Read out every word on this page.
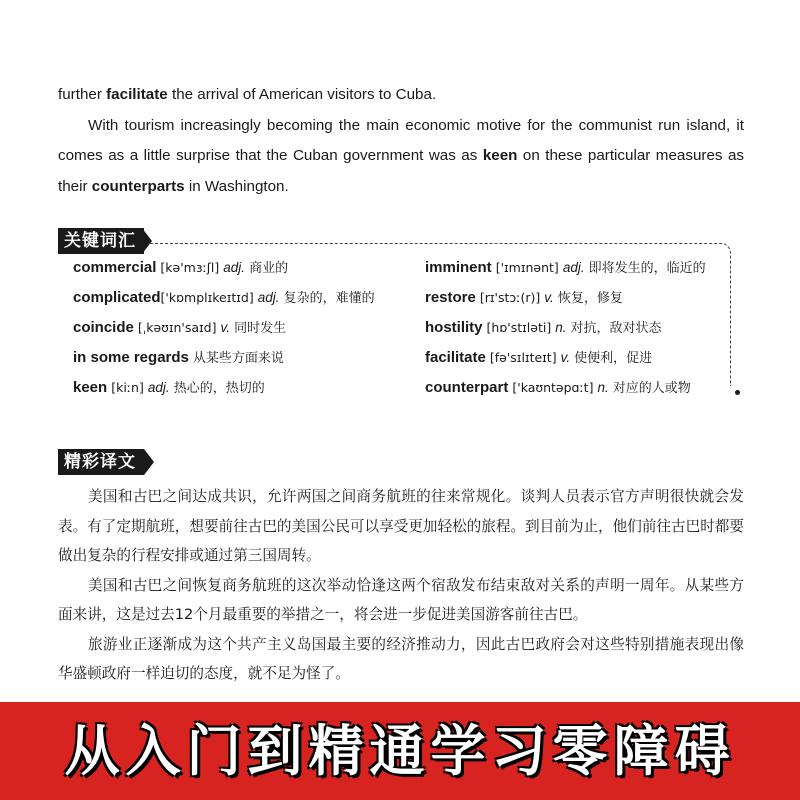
further facilitate the arrival of American visitors to Cuba.

With tourism increasingly becoming the main economic motive for the communist run island, it comes as a little surprise that the Cuban government was as keen on these particular measures as their counterparts in Washington.

关键词汇
commercial [kə'mɜːʃl] adj. 商业的
complicated['kɒmplɪkeɪtɪd] adj. 复杂的，难懂的
coincide [ˌkəʊɪn'saɪd] v. 同时发生
in some regards 从某些方面来说
keen [kiːn] adj. 热心的，热切的
imminent ['ɪmɪnənt] adj. 即将发生的，临近的
restore [rɪ'stɔː(r)] v. 恢复，修复
hostility [hɒ'stɪləti] n. 对抗，敌对状态
facilitate [fə'sɪlɪteɪt] v. 使便利，促进
counterpart ['kaʊntəpɑːt] n. 对应的人或物
精彩译文

美国和古巴之间达成共识，允许两国之间商务航班的往来常规化。谈判人员表示官方声明很快就会发表。有了定期航班，想要前往古巴的美国公民可以享受更加轻松的旅程。到目前为止，他们前往古巴时都要做出复杂的行程安排或通过第三国周转。

美国和古巴之间恢复商务航班的这次举动恰逢这两个宿敌发布结束敌对关系的声明一周年。从某些方面来讲，这是过去12个月最重要的举措之一，将会进一步促进美国游客前往古巴。

旅游业正逐渐成为这个共产主义岛国最主要的经济推动力，因此古巴政府会对这些特别措施表现出像华盛顿政府一样迫切的态度，就不足为怪了。

从入门到精通学习零障碍
